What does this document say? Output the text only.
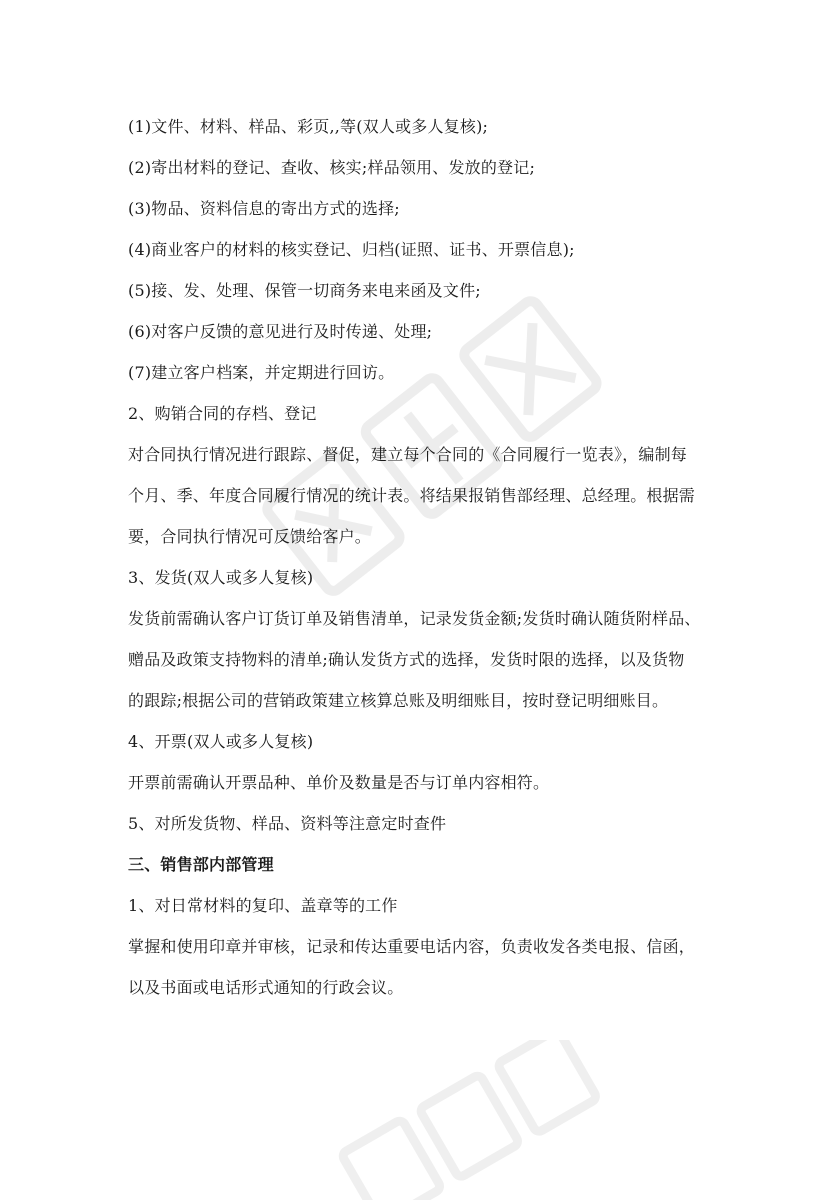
(1)文件、材料、样品、彩页,,等(双人或多人复核);
(2)寄出材料的登记、查收、核实;样品领用、发放的登记;
(3)物品、资料信息的寄出方式的选择;
(4)商业客户的材料的核实登记、归档(证照、证书、开票信息);
(5)接、发、处理、保管一切商务来电来函及文件;
(6)对客户反馈的意见进行及时传递、处理;
(7)建立客户档案，并定期进行回访。
2、购销合同的存档、登记
对合同执行情况进行跟踪、督促，建立每个合同的《合同履行一览表》，编制每
个月、季、年度合同履行情况的统计表。将结果报销售部经理、总经理。根据需
要，合同执行情况可反馈给客户。
3、发货(双人或多人复核)
发货前需确认客户订货订单及销售清单，记录发货金额;发货时确认随货附样品、
赠品及政策支持物料的清单;确认发货方式的选择，发货时限的选择，以及货物
的跟踪;根据公司的营销政策建立核算总账及明细账目，按时登记明细账目。
4、开票(双人或多人复核)
开票前需确认开票品种、单价及数量是否与订单内容相符。
5、对所发货物、样品、资料等注意定时查件
三、销售部内部管理
1、对日常材料的复印、盖章等的工作
掌握和使用印章并审核，记录和传达重要电话内容，负责收发各类电报、信函，
以及书面或电话形式通知的行政会议。
